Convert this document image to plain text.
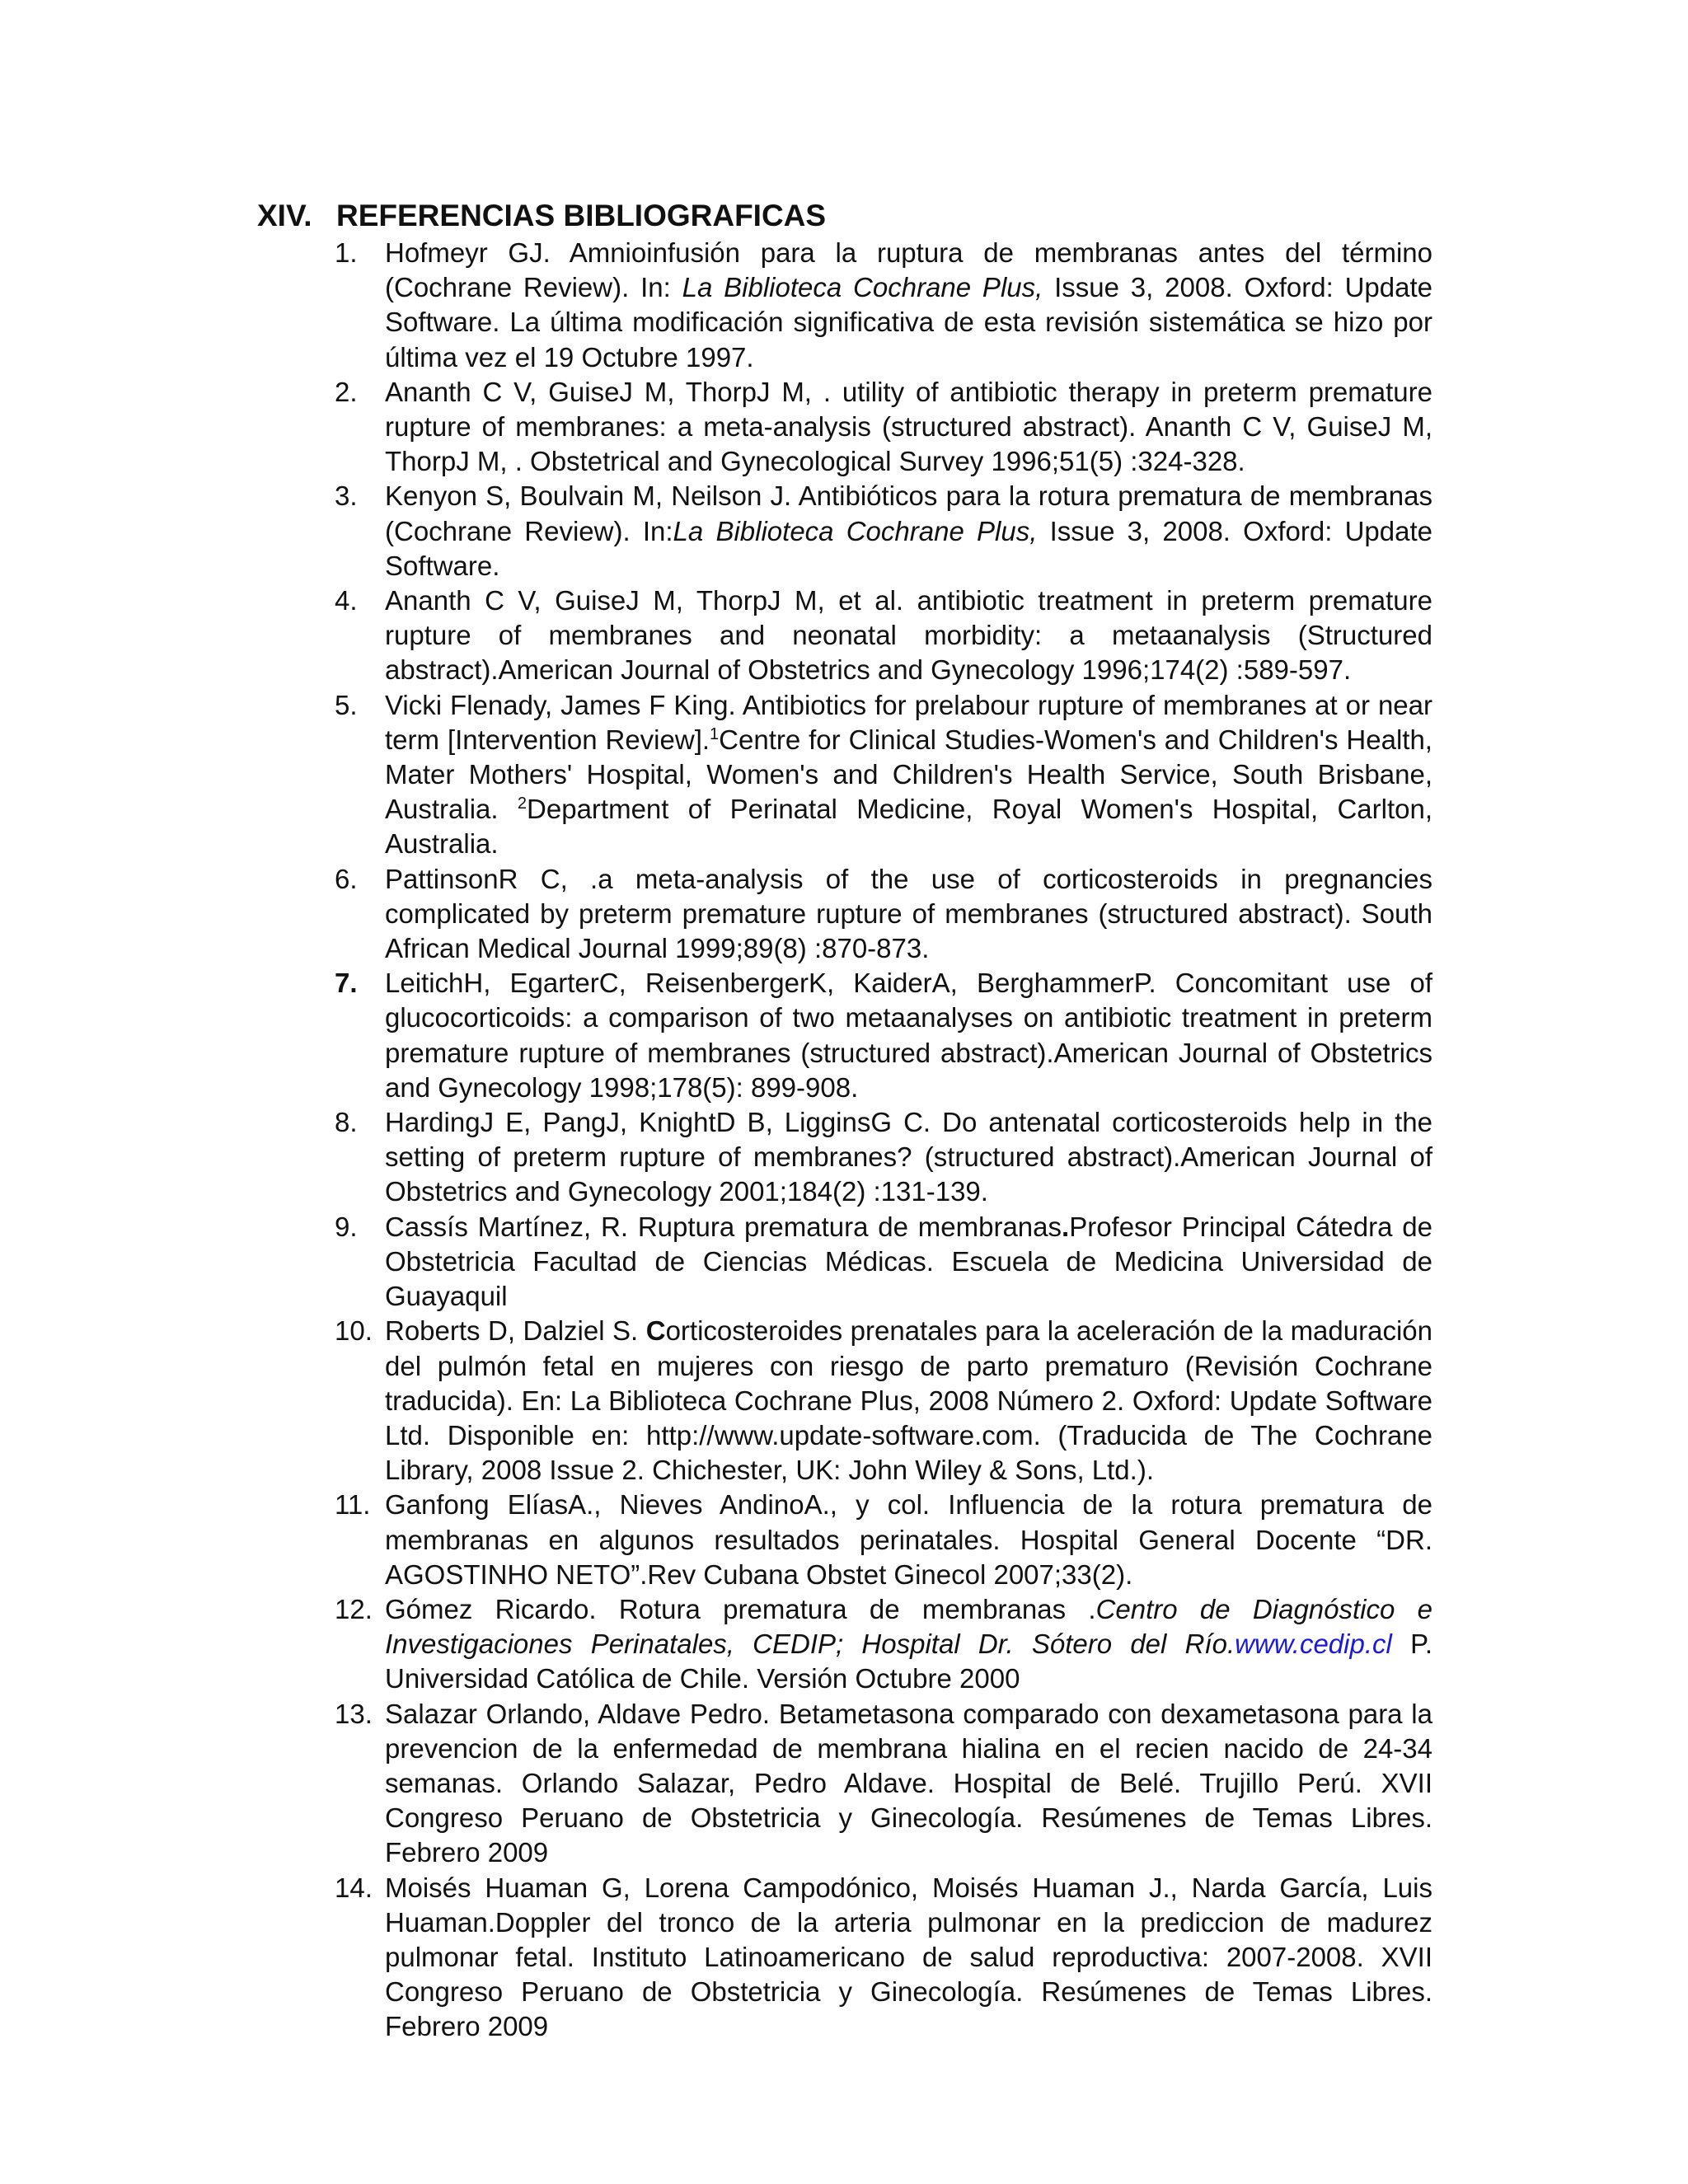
XIV. REFERENCIAS BIBLIOGRAFICAS
1. Hofmeyr GJ. Amnioinfusión para la ruptura de membranas antes del término (Cochrane Review). In: La Biblioteca Cochrane Plus, Issue 3, 2008. Oxford: Update Software. La última modificación significativa de esta revisión sistemática se hizo por última vez el 19 Octubre 1997.
2. Ananth C V, GuiseJ M, ThorpJ M, . utility of antibiotic therapy in preterm premature rupture of membranes: a meta-analysis (structured abstract). Ananth C V, GuiseJ M, ThorpJ M, . Obstetrical and Gynecological Survey 1996;51(5) :324-328.
3. Kenyon S, Boulvain M, Neilson J. Antibióticos para la rotura prematura de membranas (Cochrane Review). In:La Biblioteca Cochrane Plus, Issue 3, 2008. Oxford: Update Software.
4. Ananth C V, GuiseJ M, ThorpJ M, et al. antibiotic treatment in preterm premature rupture of membranes and neonatal morbidity: a metaanalysis (Structured abstract).American Journal of Obstetrics and Gynecology 1996;174(2) :589-597.
5. Vicki Flenady, James F King. Antibiotics for prelabour rupture of membranes at or near term [Intervention Review].$^1$Centre for Clinical Studies-Women's and Children's Health, Mater Mothers' Hospital, Women's and Children's Health Service, South Brisbane, Australia. $^2$Department of Perinatal Medicine, Royal Women's Hospital, Carlton, Australia.
6. PattinsonR C, .a meta-analysis of the use of corticosteroids in pregnancies complicated by preterm premature rupture of membranes (structured abstract). South African Medical Journal 1999;89(8) :870-873.
7. LeitichH, EgarterC, ReisenbergerK, KaiderA, BerghammerP. Concomitant use of glucocorticoids: a comparison of two metaanalyses on antibiotic treatment in preterm premature rupture of membranes (structured abstract).American Journal of Obstetrics and Gynecology 1998;178(5): 899-908.
8. HardingJ E, PangJ, KnightD B, LigginsG C. Do antenatal corticosteroids help in the setting of preterm rupture of membranes? (structured abstract).American Journal of Obstetrics and Gynecology 2001;184(2) :131-139.
9. Cassís Martínez, R. Ruptura prematura de membranas.Profesor Principal Cátedra de Obstetricia Facultad de Ciencias Médicas. Escuela de Medicina Universidad de Guayaquil
10. Roberts D, Dalziel S. Corticosteroides prenatales para la aceleración de la maduración del pulmón fetal en mujeres con riesgo de parto prematuro (Revisión Cochrane traducida). En: La Biblioteca Cochrane Plus, 2008 Número 2. Oxford: Update Software Ltd. Disponible en: http://www.update-software.com. (Traducida de The Cochrane Library, 2008 Issue 2. Chichester, UK: John Wiley & Sons, Ltd.).
11. Ganfong ElíasA., Nieves AndinoA., y col. Influencia de la rotura prematura de membranas en algunos resultados perinatales. Hospital General Docente “DR. AGOSTINHO NETO”.Rev Cubana Obstet Ginecol 2007;33(2).
12. Gómez Ricardo. Rotura prematura de membranas .Centro de Diagnóstico e Investigaciones Perinatales, CEDIP; Hospital Dr. Sótero del Río.www.cedip.cl P. Universidad Católica de Chile. Versión Octubre 2000
13. Salazar Orlando, Aldave Pedro. Betametasona comparado con dexametasona para la prevencion de la enfermedad de membrana hialina en el recien nacido de 24-34 semanas. Orlando Salazar, Pedro Aldave. Hospital de Belé. Trujillo Perú. XVII Congreso Peruano de Obstetricia y Ginecología. Resúmenes de Temas Libres. Febrero 2009
14. Moisés Huaman G, Lorena Campodónico, Moisés Huaman J., Narda García, Luis Huaman.Doppler del tronco de la arteria pulmonar en la prediccion de madurez pulmonar fetal. Instituto Latinoamericano de salud reproductiva: 2007-2008. XVII Congreso Peruano de Obstetricia y Ginecología. Resúmenes de Temas Libres. Febrero 2009
